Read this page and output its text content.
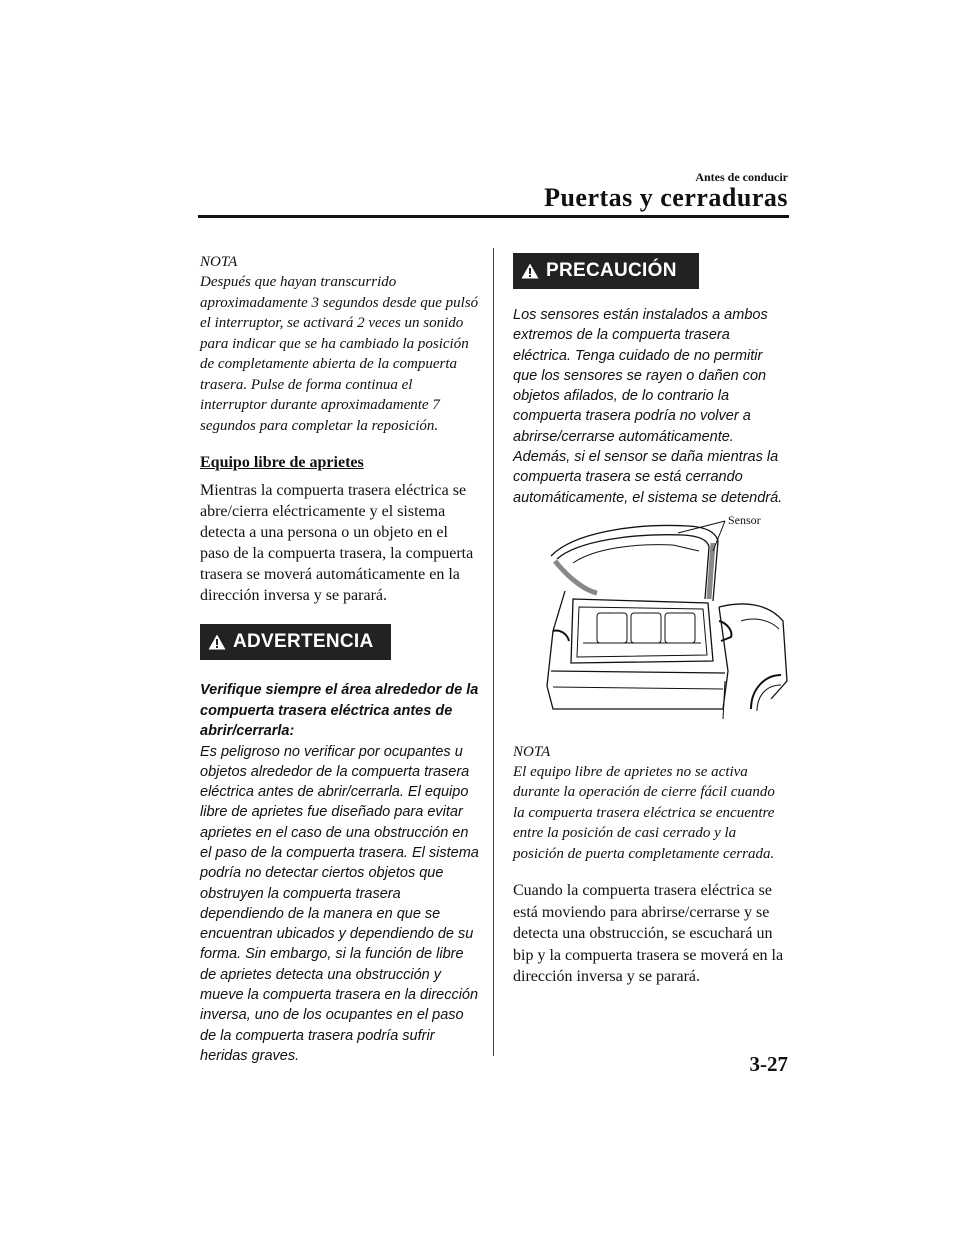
Antes de conducir
Puertas y cerraduras

NOTA

Después que hayan transcurrido aproximadamente 3 segundos desde que pulsó el interruptor, se activará 2 veces un sonido para indicar que se ha cambiado la posición de completamente abierta de la compuerta trasera. Pulse de forma continua el interruptor durante aproximadamente 7 segundos para completar la reposición.

Equipo libre de aprietes

Mientras la compuerta trasera eléctrica se abre/cierra eléctricamente y el sistema detecta a una persona o un objeto en el paso de la compuerta trasera, la compuerta trasera se moverá automáticamente en la dirección inversa y se parará.

ADVERTENCIA

Verifique siempre el área alrededor de la compuerta trasera eléctrica antes de abrir/cerrarla:

Es peligroso no verificar por ocupantes u objetos alrededor de la compuerta trasera eléctrica antes de abrir/cerrarla. El equipo libre de aprietes fue diseñado para evitar aprietes en el caso de una obstrucción en el paso de la compuerta trasera. El sistema podría no detectar ciertos objetos que obstruyen la compuerta trasera dependiendo de la manera en que se encuentran ubicados y dependiendo de su forma. Sin embargo, si la función de libre de aprietes detecta una obstrucción y mueve la compuerta trasera en la dirección inversa, uno de los ocupantes en el paso de la compuerta trasera podría sufrir heridas graves.

PRECAUCIÓN

Los sensores están instalados a ambos extremos de la compuerta trasera eléctrica. Tenga cuidado de no permitir que los sensores se rayen o dañen con objetos afilados, de lo contrario la compuerta trasera podría no volver a abrirse/cerrarse automáticamente. Además, si el sensor se daña mientras la compuerta trasera se está cerrando automáticamente, el sistema se detendrá.

Sensor

NOTA

El equipo libre de aprietes no se activa durante la operación de cierre fácil cuando la compuerta trasera eléctrica se encuentre entre la posición de casi cerrado y la posición de puerta completamente cerrada.

Cuando la compuerta trasera eléctrica se está moviendo para abrirse/cerrarse y se detecta una obstrucción, se escuchará un bip y la compuerta trasera se moverá en la dirección inversa y se parará.

3-27
